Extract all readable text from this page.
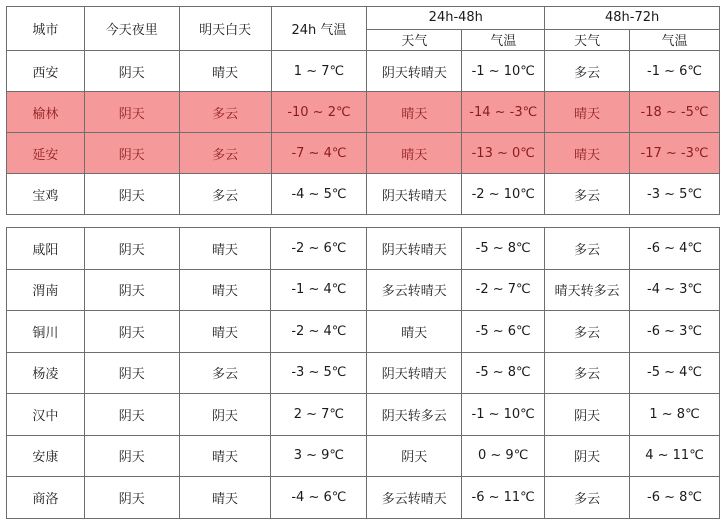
城市	今天夜里	明天白天	24h 气温	24h-48h		48h-72h	
				天气	气温	天气	气温
西安	阴天	晴天	1 ~ 7℃	阴天转晴天	-1 ~ 10℃	多云	-1 ~ 6℃
榆林	阴天	多云	-10 ~ 2℃	晴天	-14 ~ -3℃	晴天	-18 ~ -5℃
延安	阴天	多云	-7 ~ 4℃	晴天	-13 ~ 0℃	晴天	-17 ~ -3℃
宝鸡	阴天	多云	-4 ~ 5℃	阴天转晴天	-2 ~ 10℃	多云	-3 ~ 5℃
咸阳	阴天	晴天	-2 ~ 6℃	阴天转晴天	-5 ~ 8℃	多云	-6 ~ 4℃
渭南	阴天	晴天	-1 ~ 4℃	多云转晴天	-2 ~ 7℃	晴天转多云	-4 ~ 3℃
铜川	阴天	晴天	-2 ~ 4℃	晴天	-5 ~ 6℃	多云	-6 ~ 3℃
杨凌	阴天	多云	-3 ~ 5℃	阴天转晴天	-5 ~ 8℃	多云	-5 ~ 4℃
汉中	阴天	阴天	2 ~ 7℃	阴天转多云	-1 ~ 10℃	阴天	1 ~ 8℃
安康	阴天	晴天	3 ~ 9℃	阴天	0 ~ 9℃	阴天	4 ~ 11℃
商洛	阴天	晴天	-4 ~ 6℃	多云转晴天	-6 ~ 11℃	多云	-6 ~ 8℃
